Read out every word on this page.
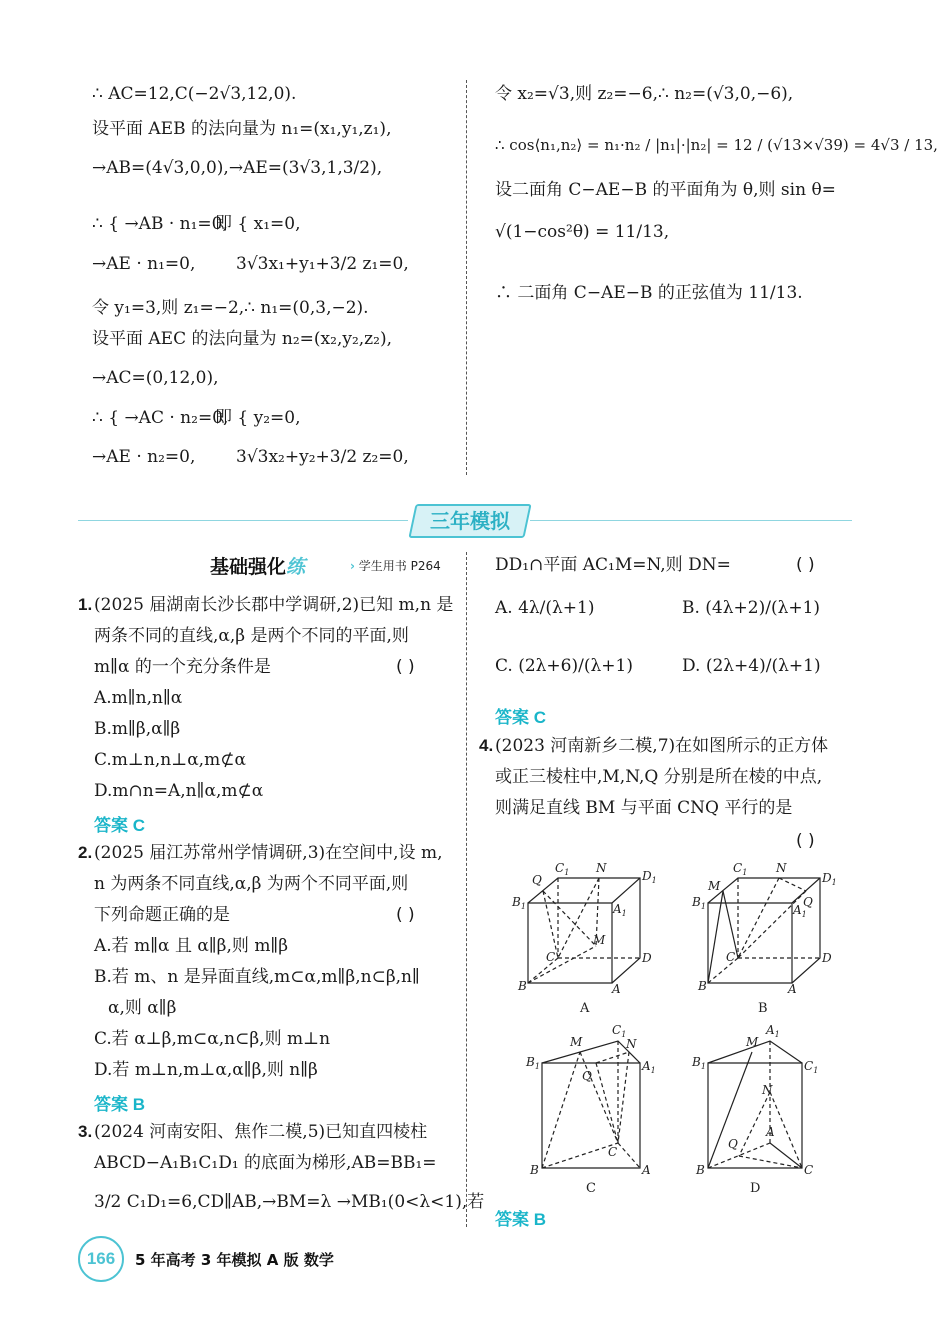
∴ AC=12,C(−2√3,12,0).
设平面 AEB 的法向量为 n₁=(x₁,y₁,z₁),
→AB=(4√3,0,0),→AE=(3√3,1,3/2),
∴ { →AB · n₁=0,
即 { x₁=0,
→AE · n₁=0, 3√3x₁+y₁+3/2 z₁=0,
令 y₁=3,则 z₁=−2,∴ n₁=(0,3,−2).
设平面 AEC 的法向量为 n₂=(x₂,y₂,z₂),
→AC=(0,12,0),
∴ { →AC · n₂=0,
即 { y₂=0,
→AE · n₂=0, 3√3x₂+y₂+3/2 z₂=0,
令 x₂=√3,则 z₂=−6,∴ n₂=(√3,0,−6),
∴ cos⟨n₁,n₂⟩ = n₁·n₂ / |n₁|·|n₂| = 12 / (√13×√39) = 4√3 / 13,
设二面角 C−AE−B 的平面角为 θ,则 sin θ=
√(1−cos²θ) = 11/13,
∴ 二面角 C−AE−B 的正弦值为 11/13.
三年模拟
基础强化练	› 学生用书 P264
1. (2025 届湖南长沙长郡中学调研,2)已知 m,n 是
两条不同的直线,α,β 是两个不同的平面,则
m∥α 的一个充分条件是	( )
A.m∥n,n∥α
B.m∥β,α∥β
C.m⊥n,n⊥α,m⊄α
D.m∩n=A,n∥α,m⊄α
答案 C
2. (2025 届江苏常州学情调研,3)在空间中,设 m,
n 为两条不同直线,α,β 为两个不同平面,则
下列命题正确的是	( )
A.若 m∥α 且 α∥β,则 m∥β
B.若 m、n 是异面直线,m⊂α,m∥β,n⊂β,n∥
α,则 α∥β
C.若 α⊥β,m⊂α,n⊂β,则 m⊥n
D.若 m⊥n,m⊥α,α∥β,则 n∥β
答案 B
3. (2024 河南安阳、焦作二模,5)已知直四棱柱
ABCD−A₁B₁C₁D₁ 的底面为梯形,AB=BB₁=
3/2 C₁D₁=6,CD∥AB,→BM=λ →MB₁(0<λ<1),若
DD₁∩平面 AC₁M=N,则 DN=	( )
A. 4λ/(λ+1)	B. (4λ+2)/(λ+1)
C. (2λ+6)/(λ+1)	D. (2λ+4)/(λ+1)
答案 C
4. (2023 河南新乡二模,7)在如图所示的正方体
或正三棱柱中,M,N,Q 分别是所在棱的中点,
则满足直线 BM 与平面 CNQ 平行的是
( )
$B_1$
Q
$C_1$ N
$D_1$
$A_1$
M
C	D
B	A
A
$B_1$
M
$C_1$ N
$D_1$
Q
$A_1$
C	D
B	A
B
$B_1$
M
$C_1$
N
$A_1$
Q
C
B	A
C
$B_1$
M
$A_1$
$C_1$
N
Q
A
B	C
D
答案 B
166	5 年高考 3 年模拟 A 版 数学
